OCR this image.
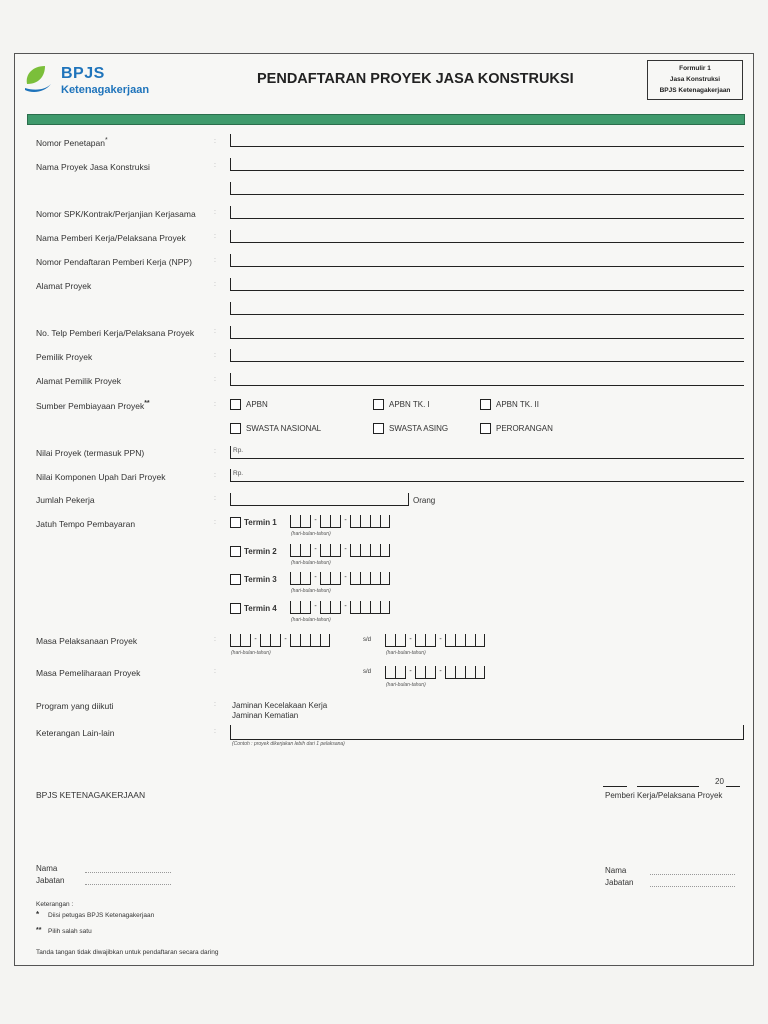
BPJS
Ketenagakerjaan
PENDAFTARAN PROYEK JASA KONSTRUKSI
Formulir 1
Jasa Konstruksi
BPJS Ketenagakerjaan
Nomor Penetapan*	:
Nama Proyek Jasa Konstruksi	:
Nomor SPK/Kontrak/Perjanjian Kerjasama	:
Nama Pemberi Kerja/Pelaksana Proyek	:
Nomor Pendaftaran Pemberi Kerja (NPP)	:
Alamat Proyek	:
No. Telp Pemberi Kerja/Pelaksana Proyek	:
Pemilik Proyek	:
Alamat Pemilik Proyek	:
Sumber Pembiayaan Proyek**	:	APBN	APBN TK. I	APBN TK. II
SWASTA NASIONAL	SWASTA ASING	PERORANGAN
Nilai Proyek (termasuk PPN)	:	Rp.
Nilai Komponen Upah Dari Proyek	:	Rp.
Jumlah Pekerja	:	Orang
Jatuh Tempo Pembayaran	:	Termin 1	-	-
(hari-bulan-tahun)
Termin 2	-	-
(hari-bulan-tahun)
Termin 3	-	-
(hari-bulan-tahun)
Termin 4	-	-
(hari-bulan-tahun)
Masa Pelaksanaan Proyek	:	-	-
(hari-bulan-tahun)
s/d	-	-
(hari-bulan-tahun)
Masa Pemeliharaan Proyek	:	s/d	-	-
(hari-bulan-tahun)
Program yang diikuti	: Jaminan Kecelakaan Kerja
Jaminan Kematian
Keterangan Lain-lain	:
(Contoh : proyek dikerjakan lebih dari 1 pelaksana)
BPJS KETENAGAKERJAAN
20
Pemberi Kerja/Pelaksana Proyek
Nama
Jabatan
Nama
Jabatan
Keterangan :
* Diisi petugas BPJS Ketenagakerjaan
** Pilih salah satu
Tanda tangan tidak diwajibkan untuk pendaftaran secara daring
